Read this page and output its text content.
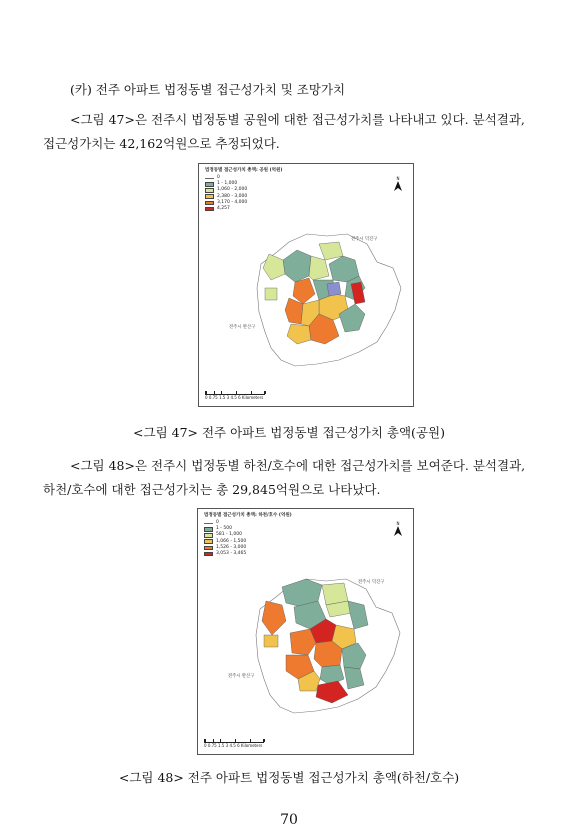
(카) 전주 아파트 법정동별 접근성가치 및 조망가치
<그림 47>은 전주시 법정동별 공원에 대한 접근성가치를 나타내고 있다. 분석결과,
접근성가치는 42,162억원으로 추정되었다.
법정동별 접근성가치 총액: 공원 (억원)
0
1 - 1,000
1,060 - 2,000
2,380 - 3,000
3,170 - 4,000
4,257
N
전주시 덕진구
전주시 완산구
0 0.75 1.5 3 4.5 6 Kilometers
<그림 47> 전주 아파트 법정동별 접근성가치 총액(공원)
<그림 48>은 전주시 법정동별 하천/호수에 대한 접근성가치를 보여준다. 분석결과,
하천/호수에 대한 접근성가치는 총 29,845억원으로 나타났다.
법정동별 접근성가치 총액: 하천/호수 (억원)
0
1 - 500
581 - 1,000
1,066 - 1,500
1,526 - 3,000
3,053 - 3,465
N
전주시 덕진구
전주시 완산구
0 0.75 1.5 3 4.5 6 Kilometers
<그림 48> 전주 아파트 법정동별 접근성가치 총액(하천/호수)
70
